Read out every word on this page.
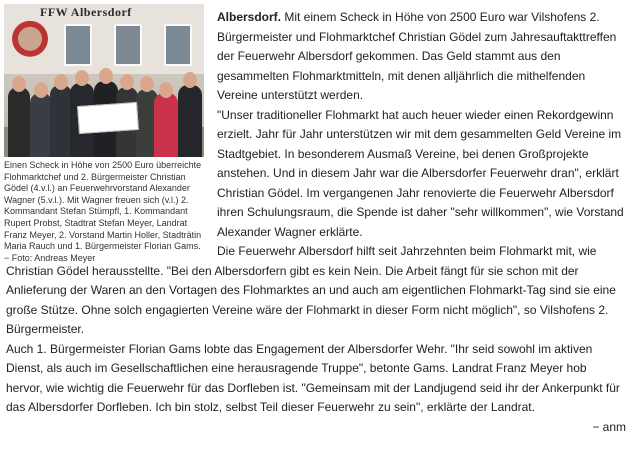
Albersdorf. Mit einem Scheck in Höhe von 2500 Euro war Vilshofens 2. Bürgermeister und Flohmarktchef Christian Gödel zum Jahresauftakttreffen der Feuerwehr Albersdorf gekommen. Das Geld stammt aus den gesammelten Flohmarktmitteln, mit denen alljährlich die mithelfenden Vereine unterstützt werden.

"Unser traditioneller Flohmarkt hat auch heuer wieder einen Rekordgewinn erzielt. Jahr für Jahr unterstützen wir mit dem gesammelten Geld Vereine im Stadtgebiet. In besonderem Ausmaß Vereine, bei denen Großprojekte anstehen. Und in diesem Jahr war die Albersdorfer Feuerwehr dran", erklärt Christian Gödel. Im vergangenen Jahr renovierte die Feuerwehr Albersdorf ihren Schulungsraum, die Spende ist daher "sehr willkommen", wie Vorstand Alexander Wagner erklärte.

Die Feuerwehr Albersdorf hilft seit Jahrzehnten beim Flohmarkt mit, wie Christian Gödel herausstellte. "Bei den Albersdorfern gibt es kein Nein. Die Arbeit fängt für sie schon mit der Anlieferung der Waren an den Vortagen des Flohmarktes an und auch am eigentlichen Flohmarkt-Tag sind sie eine große Stütze. Ohne solch engagierten Vereine wäre der Flohmarkt in dieser Form nicht möglich", so Vilshofens 2. Bürgermeister.

Auch 1. Bürgermeister Florian Gams lobte das Engagement der Albersdorfer Wehr. "Ihr seid sowohl im aktiven Dienst, als auch im Gesellschaftlichen eine herausragende Truppe", betonte Gams. Landrat Franz Meyer hob hervor, wie wichtig die Feuerwehr für das Dorfleben ist. "Gemeinsam mit der Landjugend seid ihr der Ankerpunkt für das Albersdorfer Dorfleben. Ich bin stolz, selbst Teil dieser Feuerwehr zu sein", erklärte der Landrat.

− anm

FFW Albersdorf
Einen Scheck in Höhe von 2500 Euro überreichte Flohmarktchef und 2. Bürgermeister Christian Gödel (4.v.l.) an Feuerwehrvorstand Alexander Wagner (5.v.l.). Mit Wagner freuen sich (v.l.) 2. Kommandant Stefan Stümpfl, 1. Kommandant Rupert Probst, Stadtrat Stefan Meyer, Landrat Franz Meyer, 2. Vorstand Martin Holler, Stadträtin Maria Rauch und 1. Bürgermeister Florian Gams. − Foto: Andreas Meyer
